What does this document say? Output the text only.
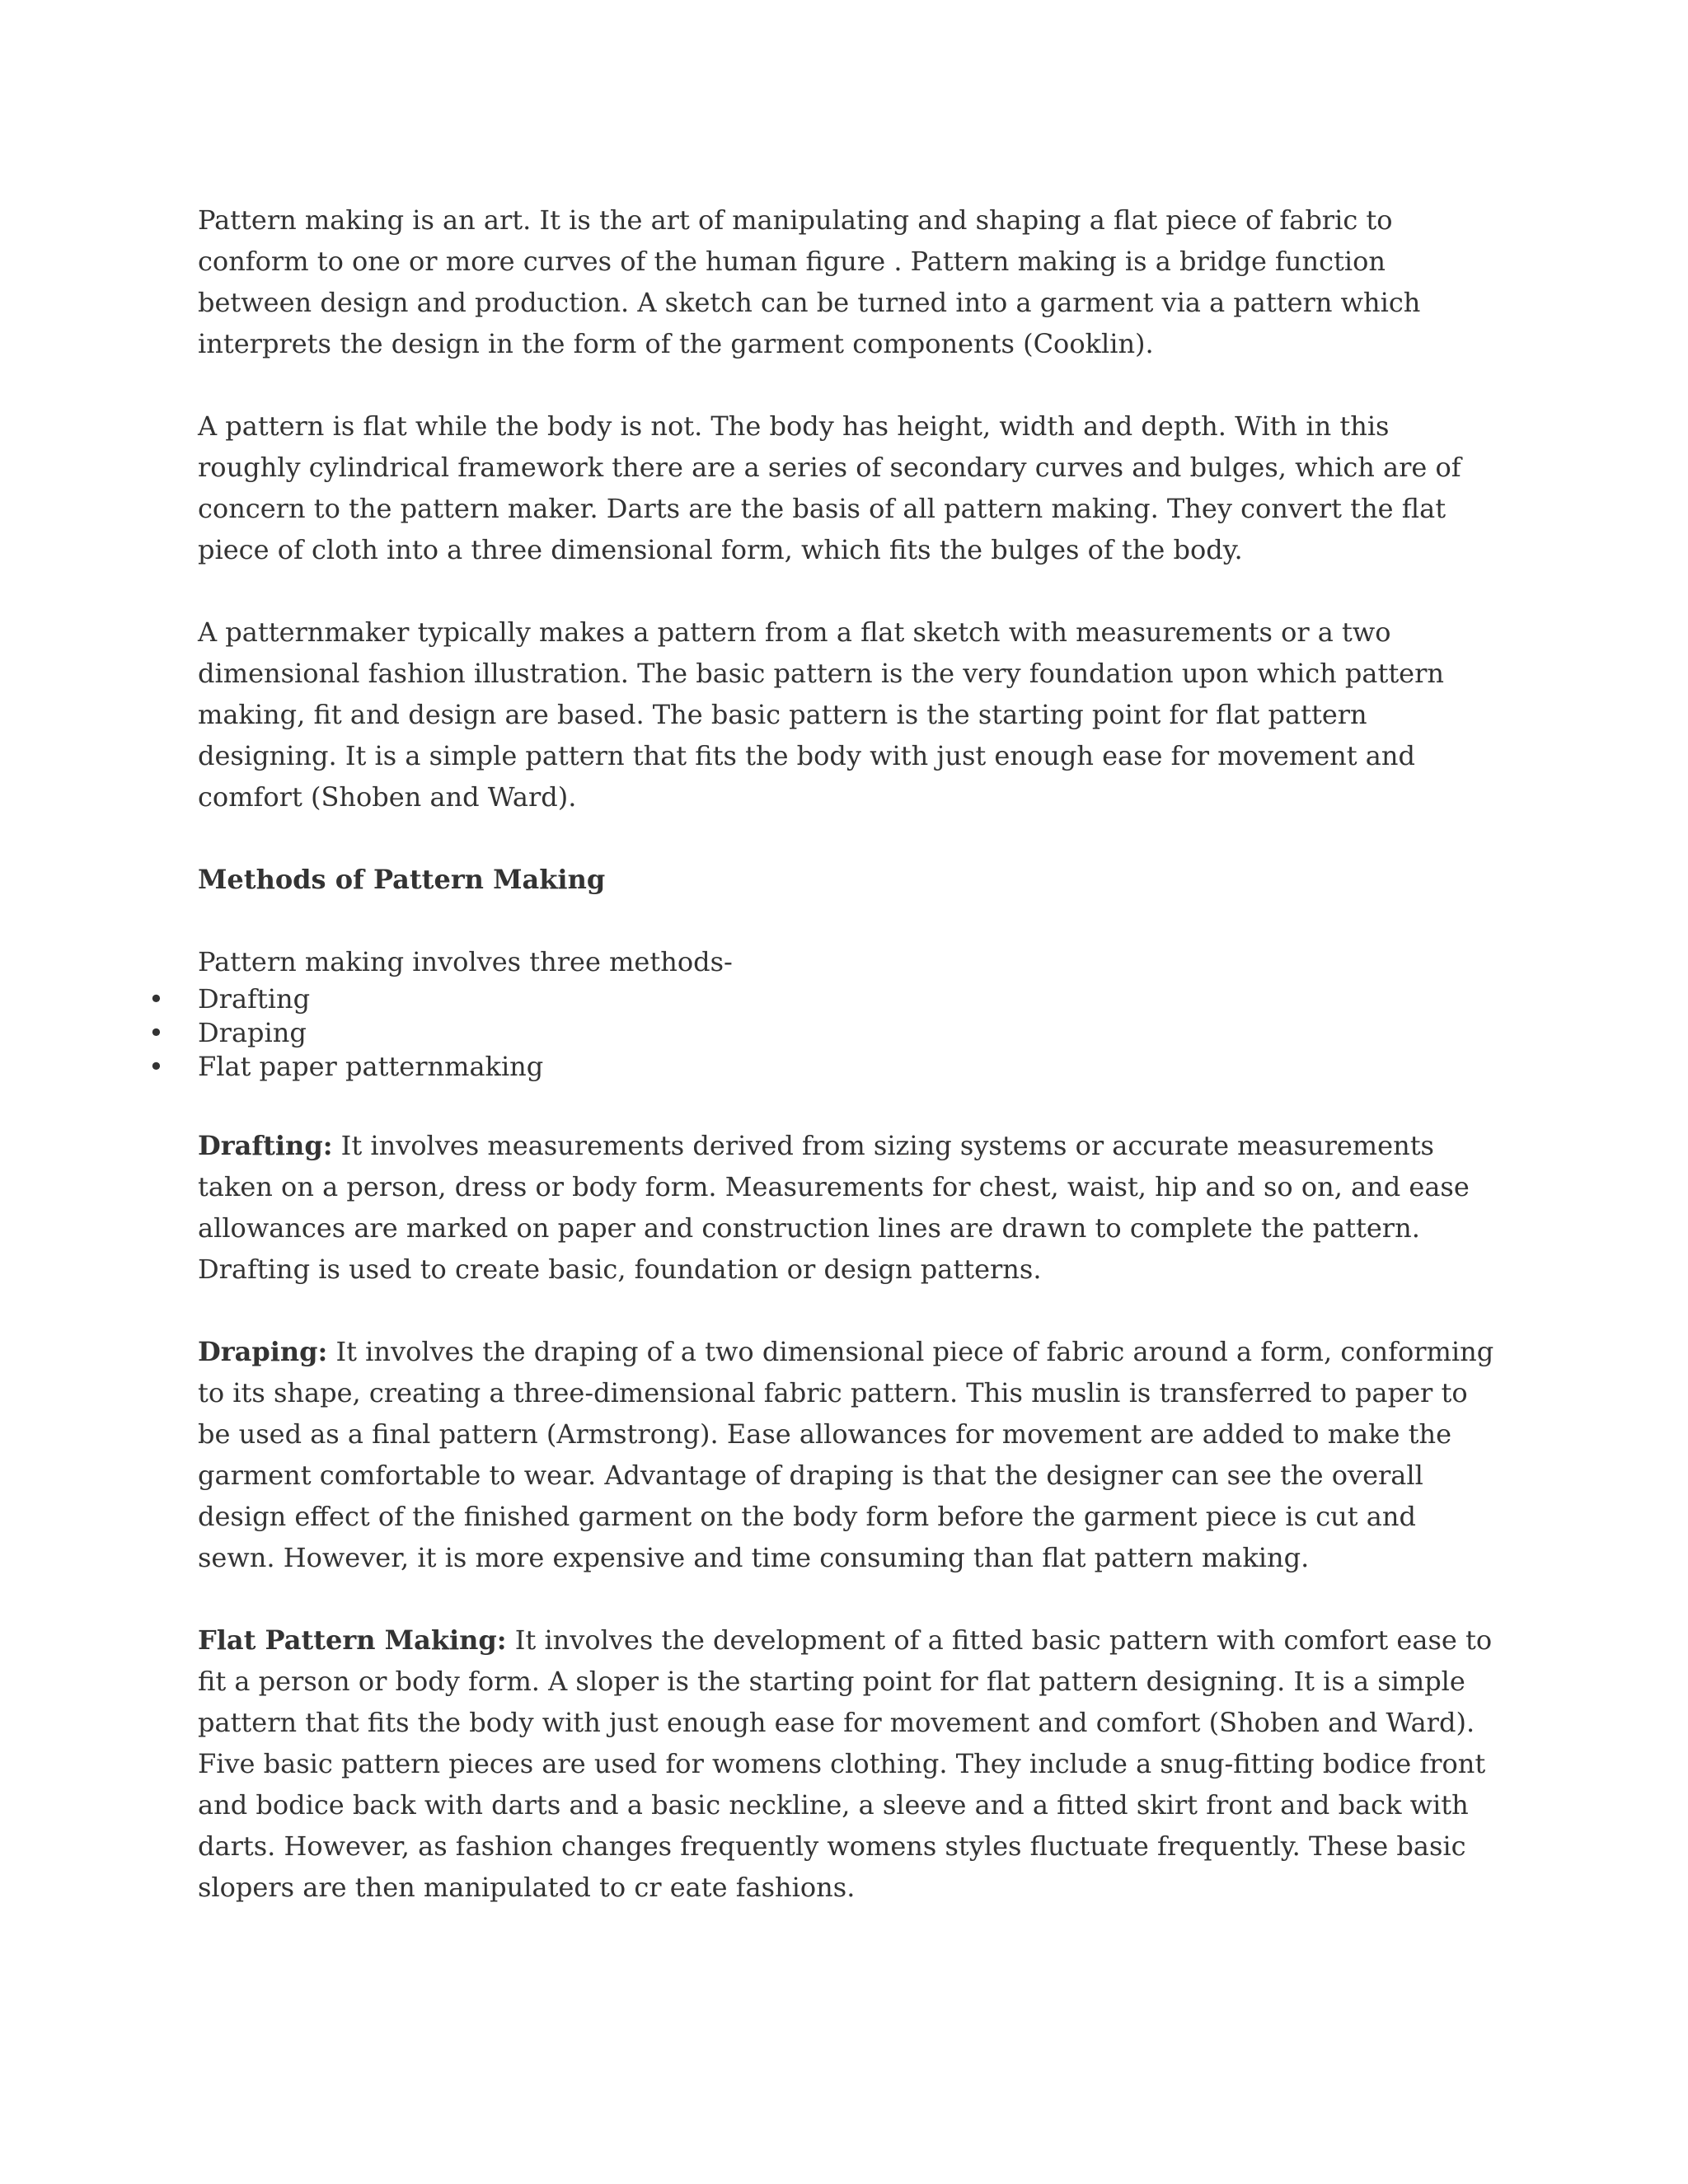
Pattern making is an art. It is the art of manipulating and shaping a flat piece of fabric to conform to one or more curves of the human figure . Pattern making is a bridge function between design and production. A sketch can be turned into a garment via a pattern which interprets the design in the form of the garment components (Cooklin).

A pattern is flat while the body is not. The body has height, width and depth. With in this roughly cylindrical framework there are a series of secondary curves and bulges, which are of concern to the pattern maker. Darts are the basis of all pattern making. They convert the flat piece of cloth into a three dimensional form, which fits the bulges of the body.

A patternmaker typically makes a pattern from a flat sketch with measurements or a two dimensional fashion illustration. The basic pattern is the very foundation upon which pattern making, fit and design are based. The basic pattern is the starting point for flat pattern designing. It is a simple pattern that fits the body with just enough ease for movement and comfort (Shoben and Ward).

Methods of Pattern Making

Pattern making involves three methods-

• Drafting
• Draping
• Flat paper patternmaking

Drafting: It involves measurements derived from sizing systems or accurate measurements taken on a person, dress or body form. Measurements for chest, waist, hip and so on, and ease allowances are marked on paper and construction lines are drawn to complete the pattern. Drafting is used to create basic, foundation or design patterns.

Draping: It involves the draping of a two dimensional piece of fabric around a form, conforming to its shape, creating a three-dimensional fabric pattern. This muslin is transferred to paper to be used as a final pattern (Armstrong). Ease allowances for movement are added to make the garment comfortable to wear. Advantage of draping is that the designer can see the overall design effect of the finished garment on the body form before the garment piece is cut and sewn. However, it is more expensive and time consuming than flat pattern making.

Flat Pattern Making: It involves the development of a fitted basic pattern with comfort ease to fit a person or body form. A sloper is the starting point for flat pattern designing. It is a simple pattern that fits the body with just enough ease for movement and comfort (Shoben and Ward). Five basic pattern pieces are used for womens clothing. They include a snug-fitting bodice front and bodice back with darts and a basic neckline, a sleeve and a fitted skirt front and back with darts. However, as fashion changes frequently womens styles fluctuate frequently. These basic slopers are then manipulated to cr eate fashions.
